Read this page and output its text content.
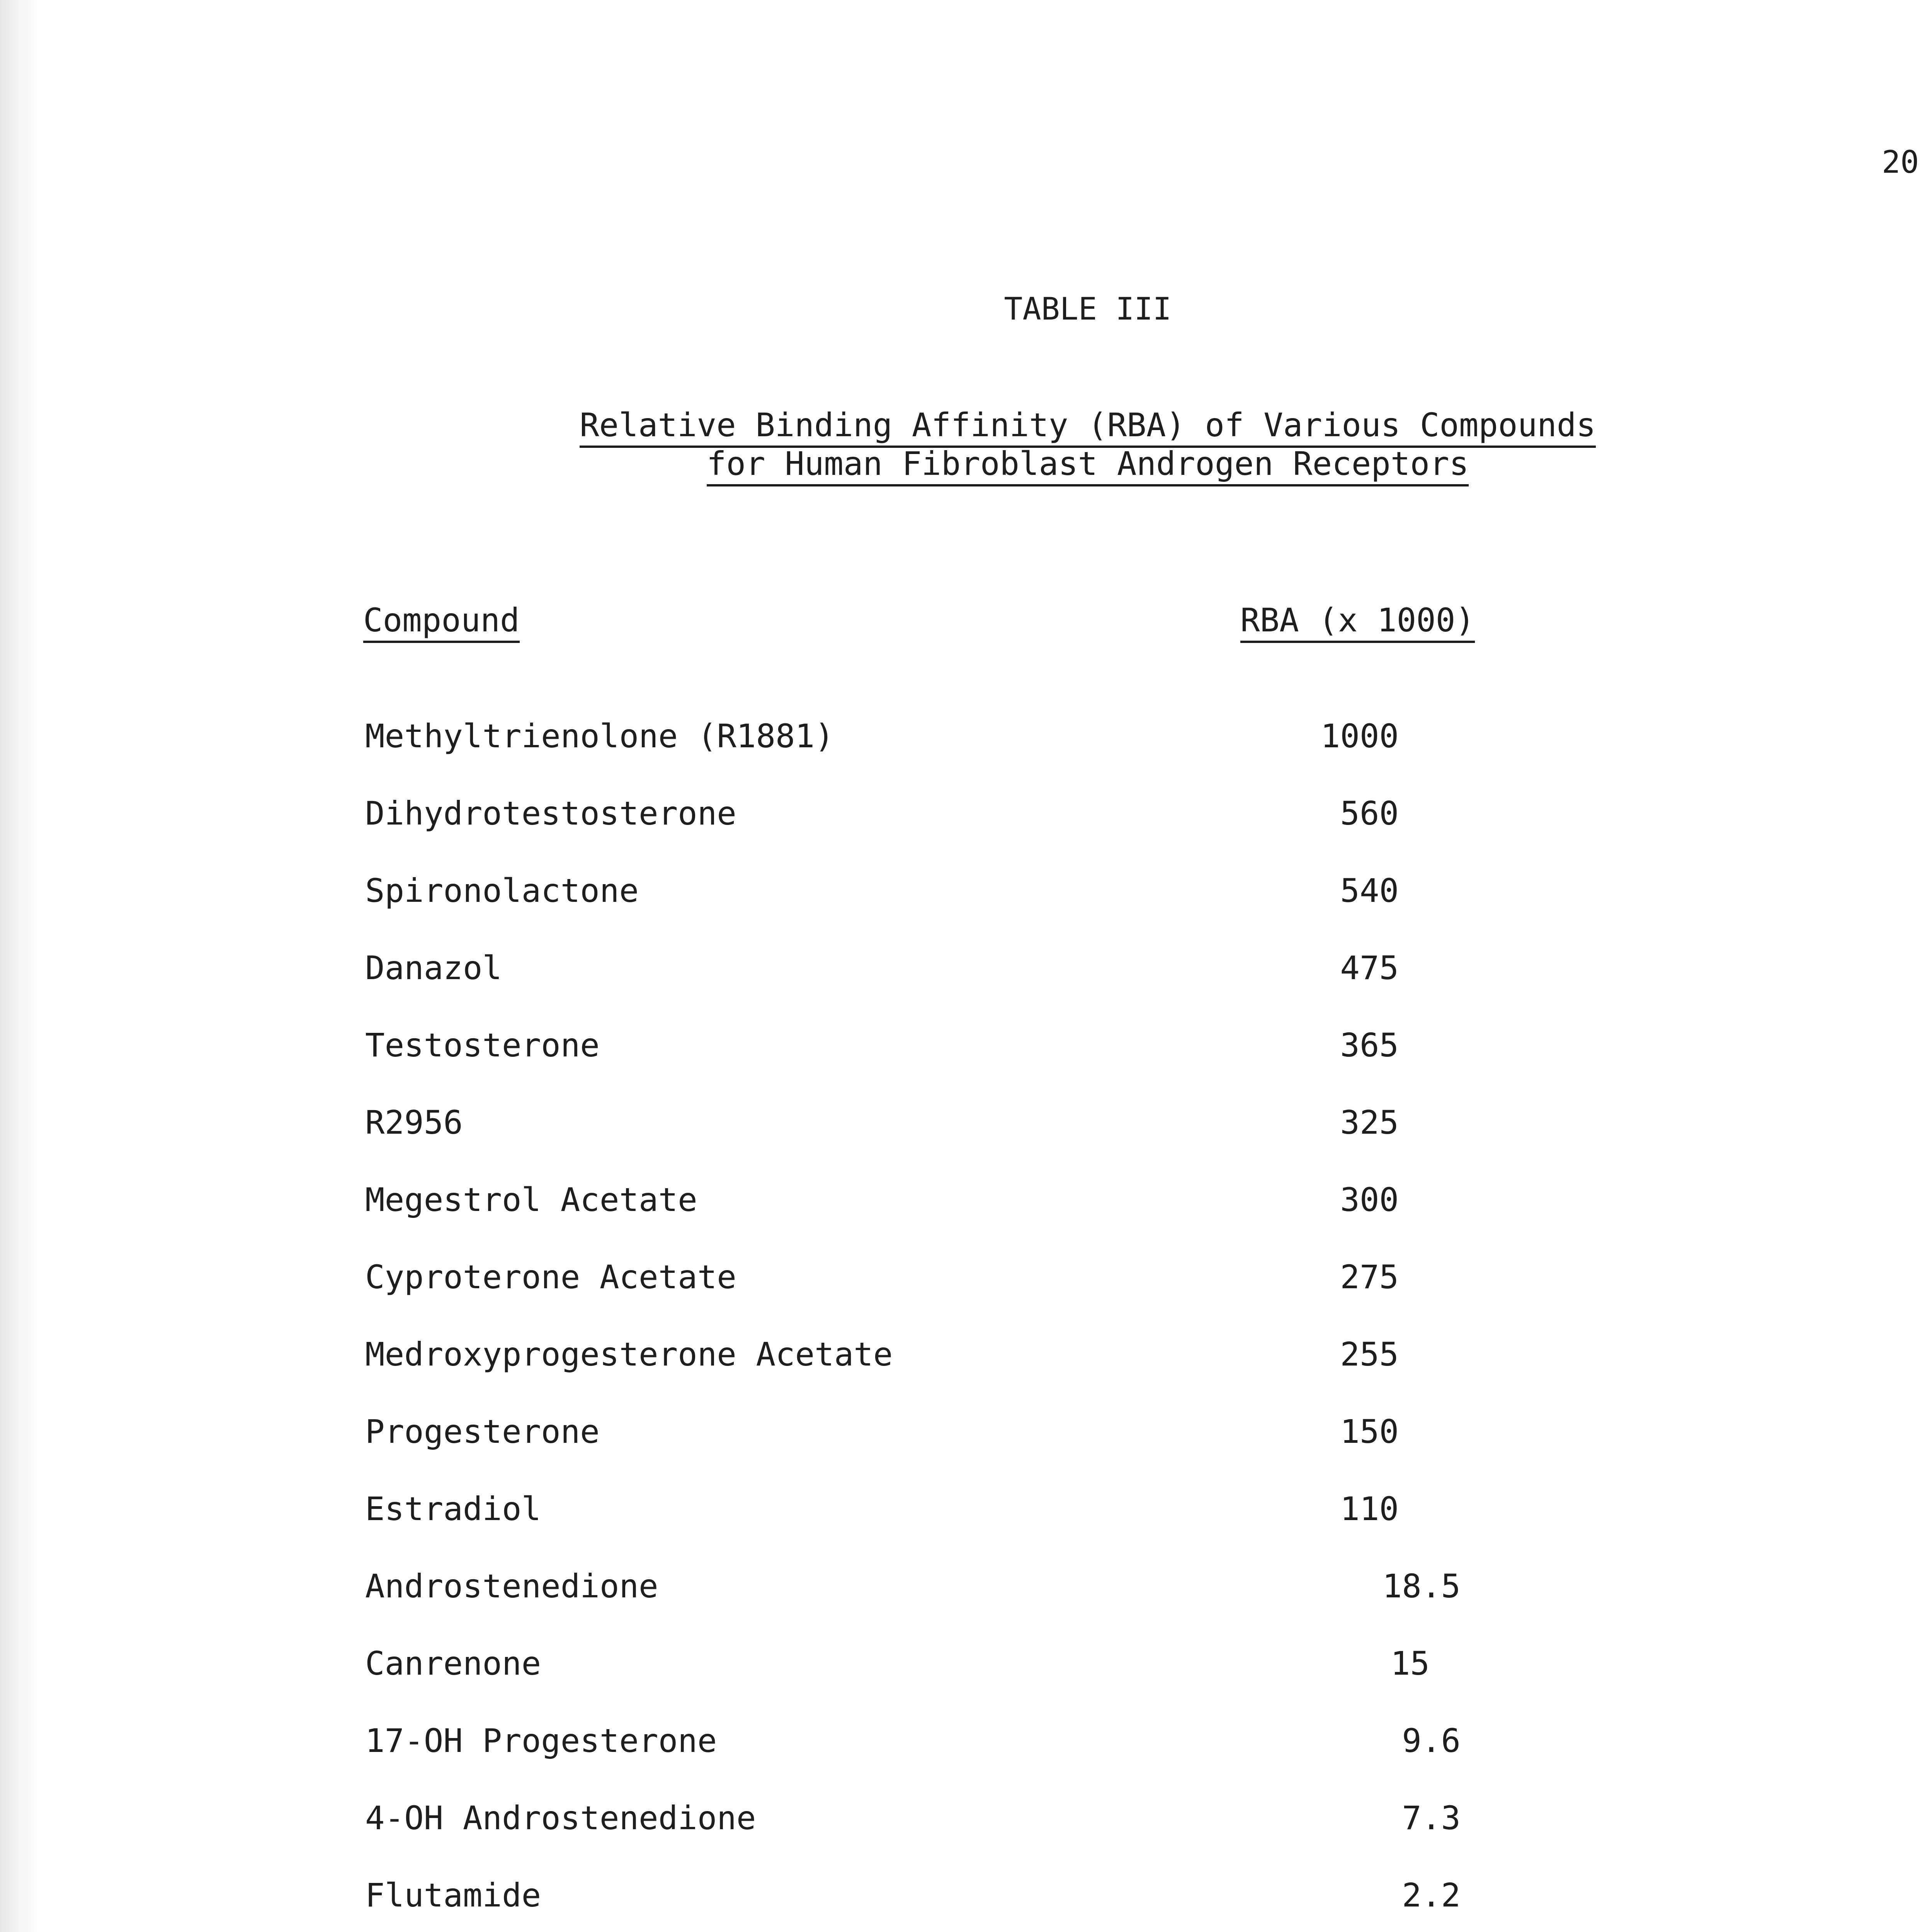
20
TABLE III
Relative Binding Affinity (RBA) of Various Compounds
for Human Fibroblast Androgen Receptors
Compound	RBA (x 1000)
Methyltrienolone (R1881)	1000
Dihydrotestosterone	560
Spironolactone	540
Danazol	475
Testosterone	365
R2956	325
Megestrol Acetate	300
Cyproterone Acetate	275
Medroxyprogesterone Acetate	255
Progesterone	150
Estradiol	110
Androstenedione	18.5
Canrenone	15
17-OH Progesterone	9.6
4-OH Androstenedione	7.3
Flutamide	2.2
